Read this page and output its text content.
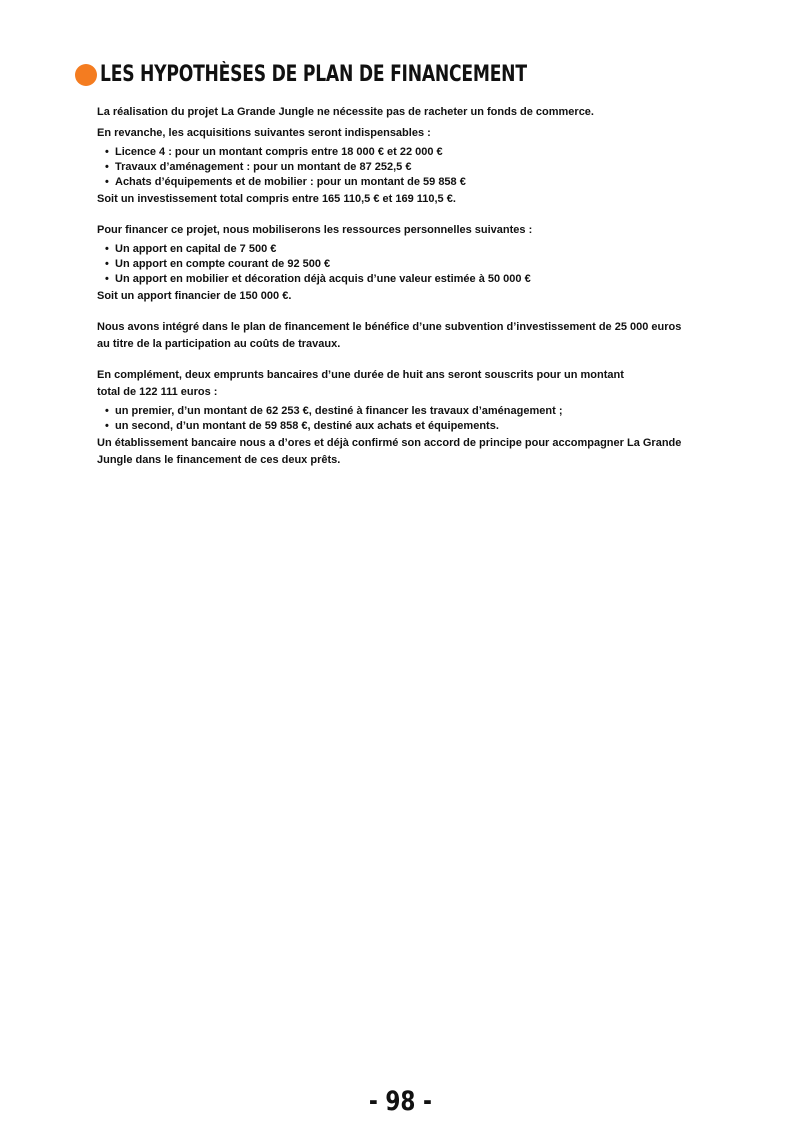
LES HYPOTHÈSES DE PLAN DE FINANCEMENT

La réalisation du projet La Grande Jungle ne nécessite pas de racheter un fonds de commerce.

En revanche, les acquisitions suivantes seront indispensables :

• Licence 4 : pour un montant compris entre 18 000 € et 22 000 €
• Travaux d’aménagement : pour un montant de 87 252,5 €
• Achats d’équipements et de mobilier : pour un montant de 59 858 €

Soit un investissement total compris entre 165 110,5 € et 169 110,5 €.

Pour financer ce projet, nous mobiliserons les ressources personnelles suivantes :

• Un apport en capital de 7 500 €
• Un apport en compte courant de 92 500 €
• Un apport en mobilier et décoration déjà acquis d’une valeur estimée à 50 000 €

Soit un apport financier de 150 000 €.

Nous avons intégré dans le plan de financement le bénéfice d’une subvention d’investissement de 25 000 euros

au titre de la participation au coûts de travaux.

En complément, deux emprunts bancaires d’une durée de huit ans seront souscrits pour un montant

total de 122 111 euros :

• un premier, d’un montant de 62 253 €, destiné à financer les travaux d’aménagement ;
• un second, d’un montant de 59 858 €, destiné aux achats et équipements.

Un établissement bancaire nous a d’ores et déjà confirmé son accord de principe pour accompagner La Grande

Jungle dans le financement de ces deux prêts.

- 98 -
